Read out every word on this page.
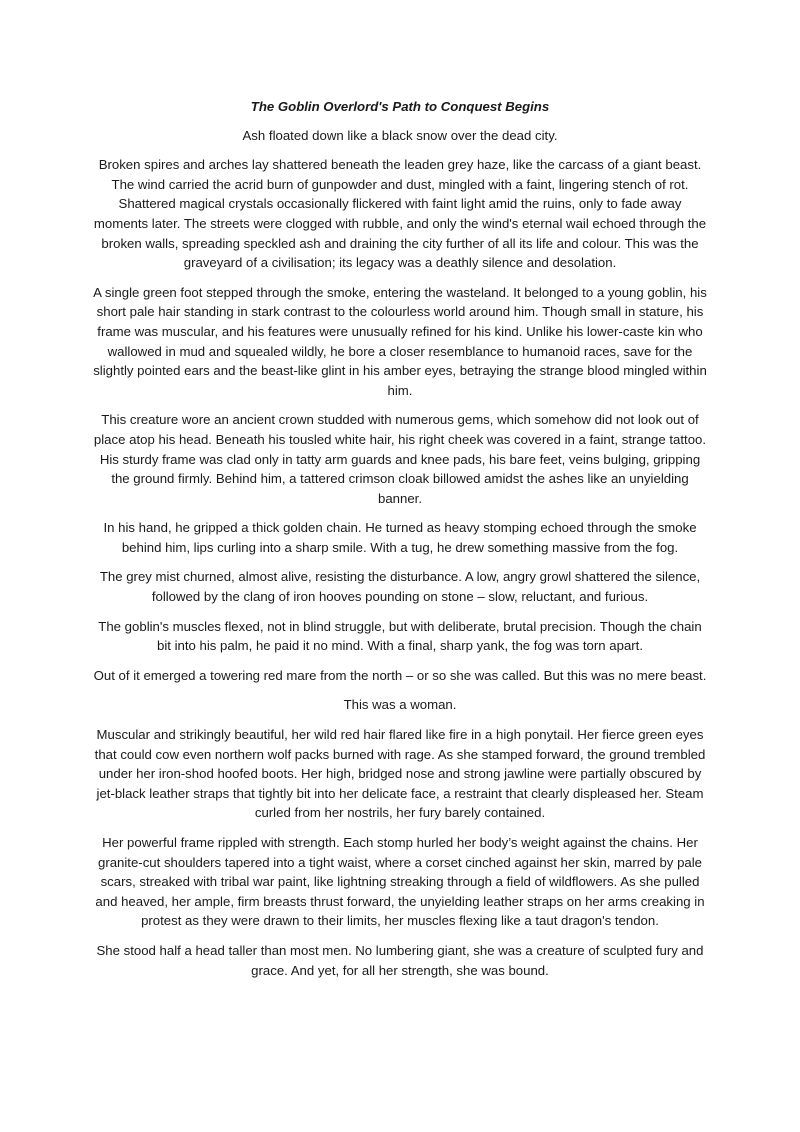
The Goblin Overlord's Path to Conquest Begins

Ash floated down like a black snow over the dead city.

Broken spires and arches lay shattered beneath the leaden grey haze, like the carcass of a giant beast. The wind carried the acrid burn of gunpowder and dust, mingled with a faint, lingering stench of rot. Shattered magical crystals occasionally flickered with faint light amid the ruins, only to fade away moments later. The streets were clogged with rubble, and only the wind's eternal wail echoed through the broken walls, spreading speckled ash and draining the city further of all its life and colour. This was the graveyard of a civilisation; its legacy was a deathly silence and desolation.

A single green foot stepped through the smoke, entering the wasteland. It belonged to a young goblin, his short pale hair standing in stark contrast to the colourless world around him. Though small in stature, his frame was muscular, and his features were unusually refined for his kind. Unlike his lower-caste kin who wallowed in mud and squealed wildly, he bore a closer resemblance to humanoid races, save for the slightly pointed ears and the beast-like glint in his amber eyes, betraying the strange blood mingled within him.

This creature wore an ancient crown studded with numerous gems, which somehow did not look out of place atop his head. Beneath his tousled white hair, his right cheek was covered in a faint, strange tattoo. His sturdy frame was clad only in tatty arm guards and knee pads, his bare feet, veins bulging, gripping the ground firmly. Behind him, a tattered crimson cloak billowed amidst the ashes like an unyielding banner.

In his hand, he gripped a thick golden chain. He turned as heavy stomping echoed through the smoke behind him, lips curling into a sharp smile. With a tug, he drew something massive from the fog.

The grey mist churned, almost alive, resisting the disturbance. A low, angry growl shattered the silence, followed by the clang of iron hooves pounding on stone – slow, reluctant, and furious.

The goblin's muscles flexed, not in blind struggle, but with deliberate, brutal precision. Though the chain bit into his palm, he paid it no mind. With a final, sharp yank, the fog was torn apart.

Out of it emerged a towering red mare from the north – or so she was called. But this was no mere beast.

This was a woman.

Muscular and strikingly beautiful, her wild red hair flared like fire in a high ponytail. Her fierce green eyes that could cow even northern wolf packs burned with rage. As she stamped forward, the ground trembled under her iron-shod hoofed boots. Her high, bridged nose and strong jawline were partially obscured by jet-black leather straps that tightly bit into her delicate face, a restraint that clearly displeased her. Steam curled from her nostrils, her fury barely contained.

Her powerful frame rippled with strength. Each stomp hurled her body’s weight against the chains. Her granite-cut shoulders tapered into a tight waist, where a corset cinched against her skin, marred by pale scars, streaked with tribal war paint, like lightning streaking through a field of wildflowers. As she pulled and heaved, her ample, firm breasts thrust forward, the unyielding leather straps on her arms creaking in protest as they were drawn to their limits, her muscles flexing like a taut dragon's tendon.

She stood half a head taller than most men. No lumbering giant, she was a creature of sculpted fury and grace. And yet, for all her strength, she was bound.
